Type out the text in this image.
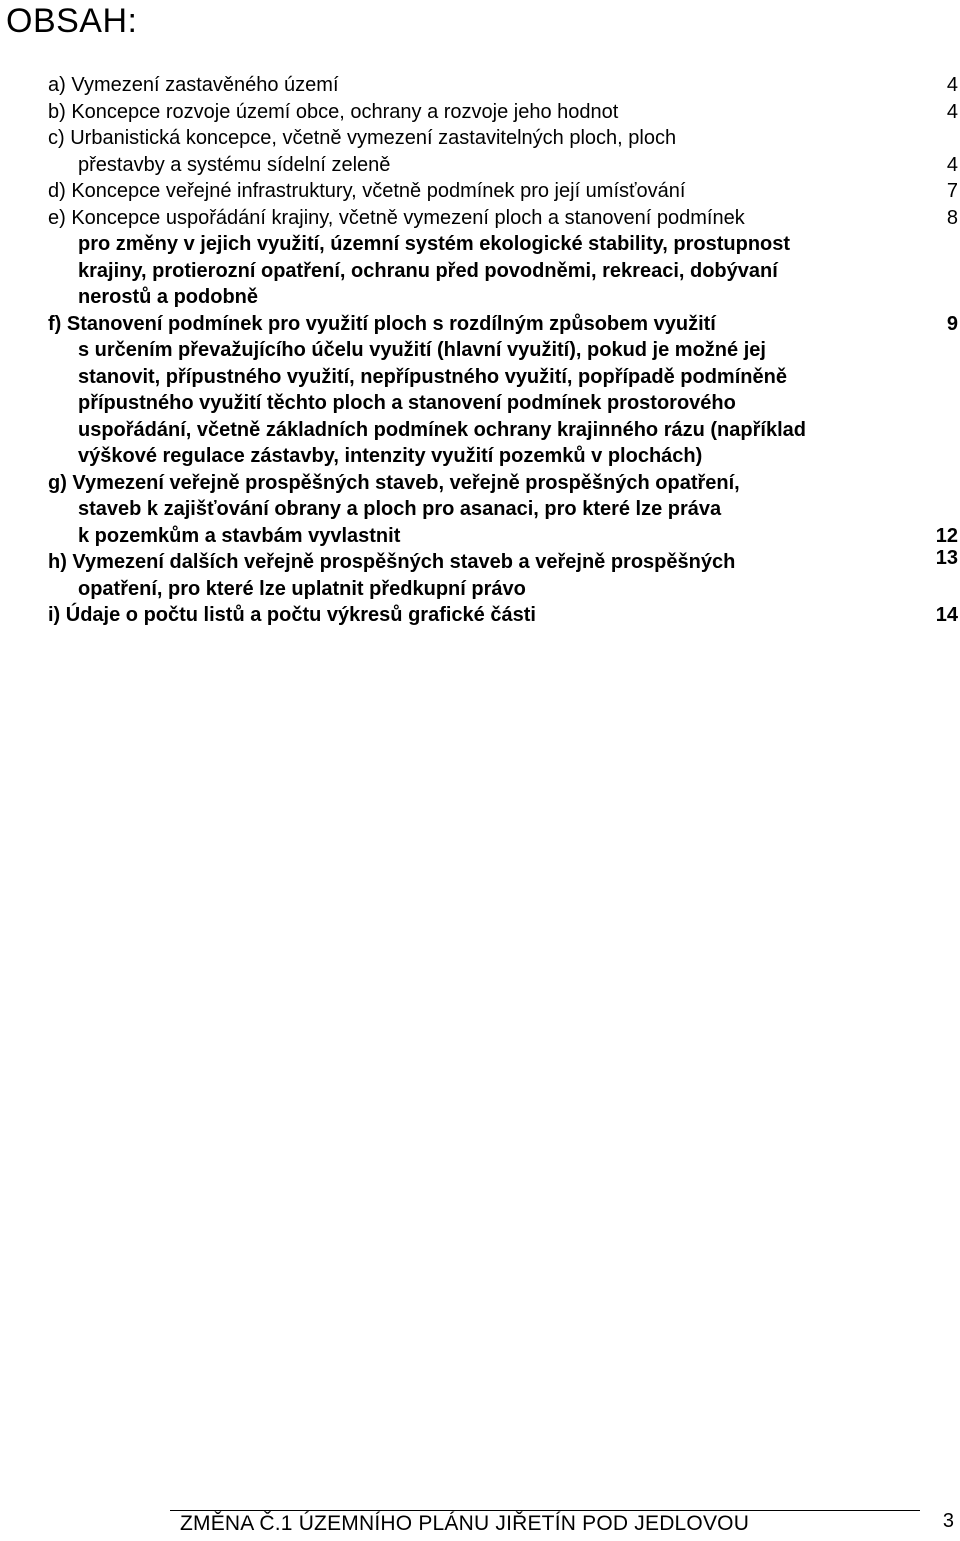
OBSAH:
4
a) Vymezení zastavěného území
4
b) Koncepce rozvoje území obce, ochrany a rozvoje jeho hodnot
4
c) Urbanistická koncepce, včetně vymezení zastavitelných ploch, ploch
přestavby a systému sídelní zeleně
7
d) Koncepce veřejné infrastruktury, včetně podmínek pro její umísťování
8
e) Koncepce uspořádání krajiny, včetně vymezení ploch a stanovení podmínek
pro změny v jejich využití, územní systém ekologické stability, prostupnost
krajiny, protierozní opatření, ochranu před povodněmi, rekreaci, dobývaní
nerostů a podobně
9
f) Stanovení podmínek pro využití ploch s rozdílným způsobem využití
s určením převažujícího účelu využití (hlavní využití), pokud je možné jej
stanovit, přípustného využití, nepřípustného využití, popřípadě podmíněně
přípustného využití těchto ploch a stanovení podmínek prostorového
uspořádání, včetně základních podmínek ochrany krajinného rázu (například
výškové regulace zástavby, intenzity využití pozemků v plochách)
12
g) Vymezení veřejně prospěšných staveb, veřejně prospěšných opatření,
staveb k zajišťování obrany a ploch pro asanaci, pro které lze práva
k pozemkům a stavbám vyvlastnit
13
h) Vymezení dalších veřejně prospěšných staveb a veřejně prospěšných
opatření, pro které lze uplatnit předkupní právo
14
i) Údaje o počtu listů a počtu výkresů grafické části
ZMĚNA Č.1 ÚZEMNÍHO PLÁNU JIŘETÍN POD JEDLOVOU	3
